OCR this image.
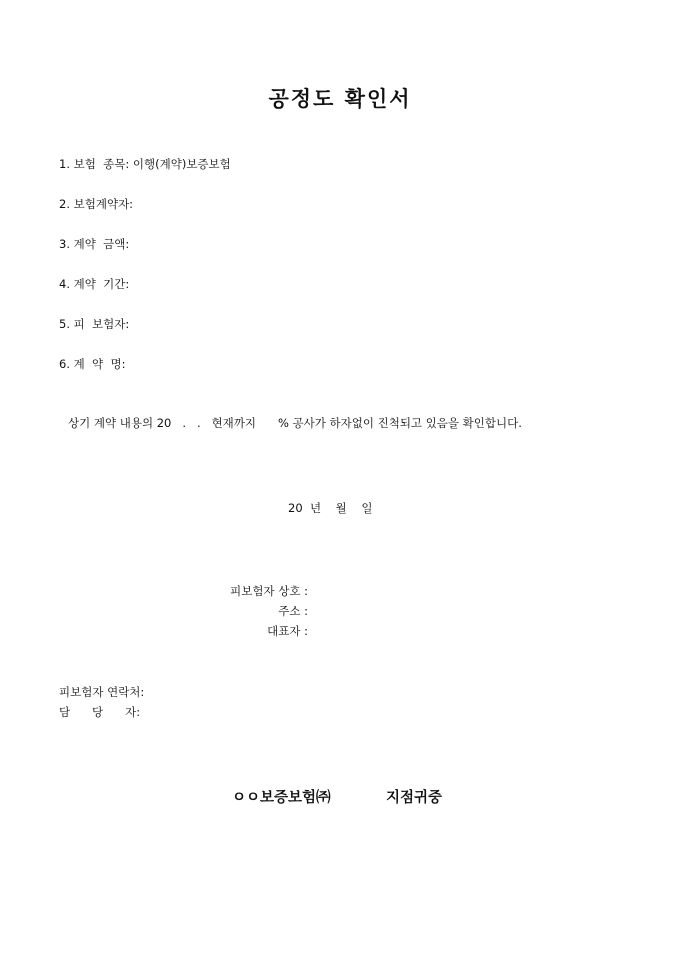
공정도 확인서
1. 보험  종목: 이행(계약)보증보험
2. 보험계약자:
3. 계약  금액:
4. 계약  기간:
5. 피  보험자:
6. 계  약  명:
상기 계약 내용의 20   .   .   현재까지      % 공사가 하자없이 진척되고 있음을 확인합니다.
20  년    월    일
피보험자 상호 :
주소 :
대표자 :
피보험자 연락처:
담      당      자:
ㅇㅇ보증보험㈜	지점귀중
